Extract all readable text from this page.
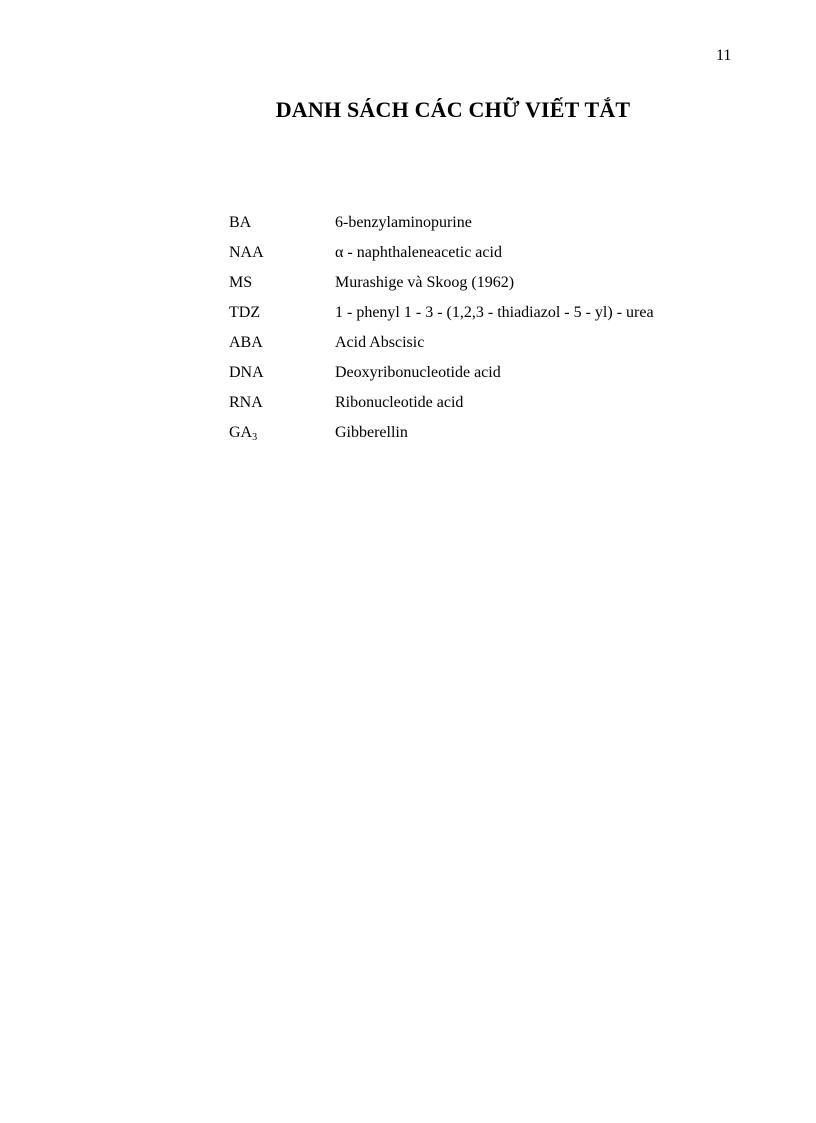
11
DANH SÁCH CÁC CHỮ VIẾT TẮT
BA	6-benzylaminopurine
NAA	α - naphthaleneacetic acid
MS	Murashige và Skoog (1962)
TDZ	1 - phenyl 1 - 3 - (1,2,3 - thiadiazol - 5 - yl) - urea
ABA	Acid Abscisic
DNA	Deoxyribonucleotide acid
RNA	Ribonucleotide acid
$GA_3$	Gibberellin
